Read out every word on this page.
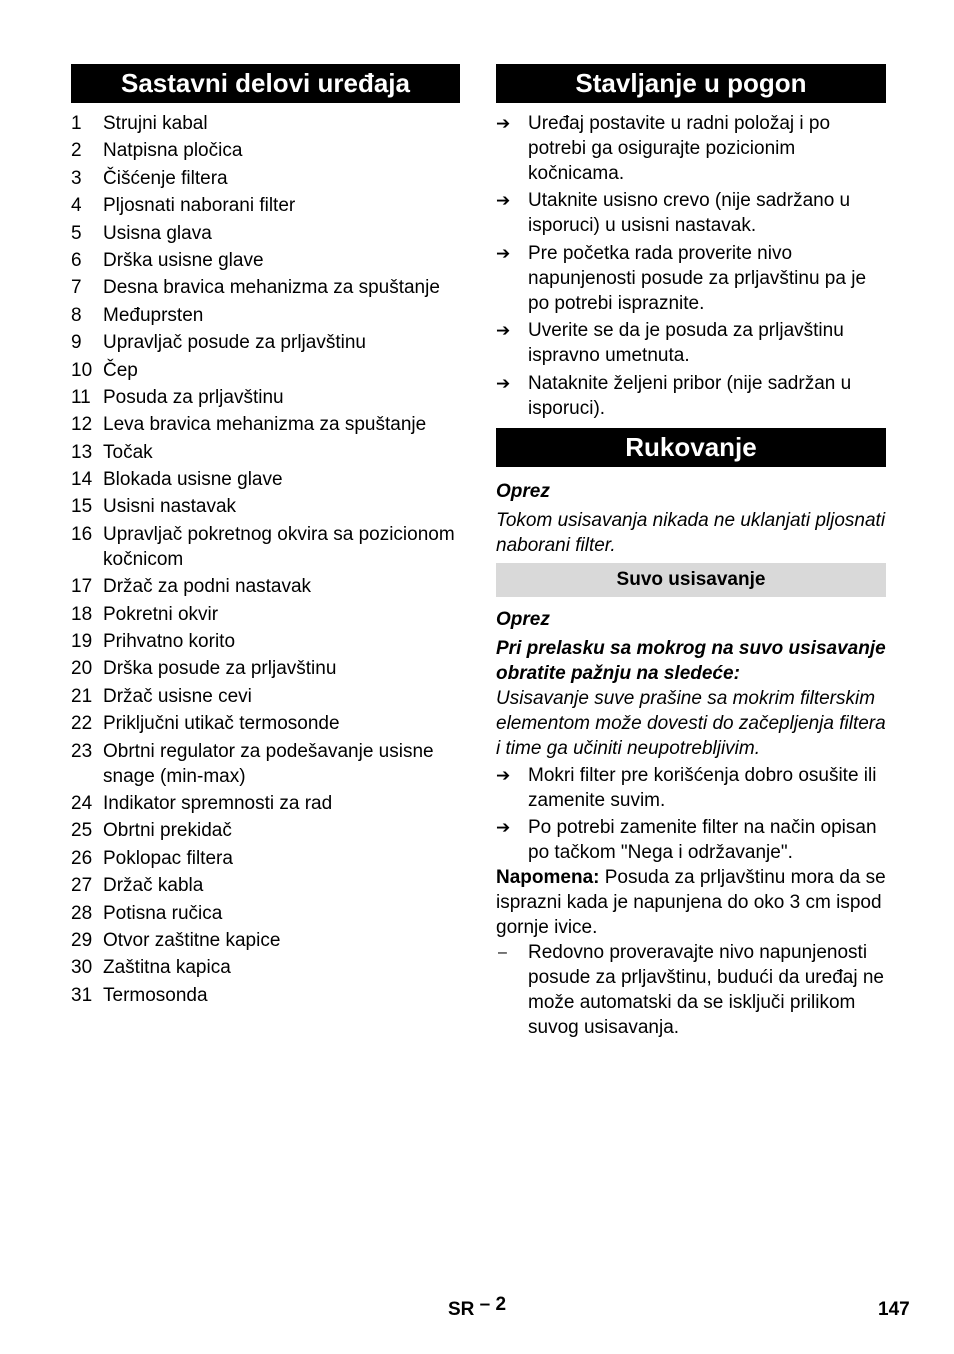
Sastavni delovi uređaja
1	Strujni kabal
2	Natpisna pločica
3	Čišćenje filtera
4	Pljosnati naborani filter
5	Usisna glava
6	Drška usisne glave
7	Desna bravica mehanizma za spuštanje
8	Međuprsten
9	Upravljač posude za prljavštinu
10 Čep
11 Posuda za prljavštinu
12 Leva bravica mehanizma za spuštanje
13 Točak
14 Blokada usisne glave
15 Usisni nastavak
16 Upravljač pokretnog okvira sa pozicionom kočnicom
17 Držač za podni nastavak
18 Pokretni okvir
19 Prihvatno korito
20 Drška posude za prljavštinu
21 Držač usisne cevi
22 Priključni utikač termosonde
23 Obrtni regulator za podešavanje usisne snage (min-max)
24 Indikator spremnosti za rad
25 Obrtni prekidač
26 Poklopac filtera
27 Držač kabla
28 Potisna ručica
29 Otvor zaštitne kapice
30 Zaštitna kapica
31 Termosonda
Stavljanje u pogon
➔ Uređaj postavite u radni položaj i po potrebi ga osigurajte pozicionim kočnicama.
➔ Utaknite usisno crevo (nije sadržano u isporuci) u usisni nastavak.
➔ Pre početka rada proverite nivo napunjenosti posude za prljavštinu pa je po potrebi ispraznite.
➔ Uverite se da je posuda za prljavštinu ispravno umetnuta.
➔ Nataknite željeni pribor (nije sadržan u isporuci).
Rukovanje

Oprez

Tokom usisavanja nikada ne uklanjati pljosnati naborani filter.

Suvo usisavanje

Oprez

Pri prelasku sa mokrog na suvo usisavanje obratite pažnju na sledeće:

Usisavanje suve prašine sa mokrim filterskim elementom može dovesti do začepljenja filtera i time ga učiniti neupotrebljivim.

➔ Mokri filter pre korišćenja dobro osušite ili zamenite suvim.
➔ Po potrebi zamenite filter na način opisan po tačkom "Nega i održavanje".

Napomena: Posuda za prljavštinu mora da se isprazni kada je napunjena do oko 3 cm ispod gornje ivice.

–	Redovno proveravajte nivo napunjenosti posude za prljavštinu, budući da uređaj ne može automatski da se isključi prilikom suvog usisavanja.
SR – 2	147
